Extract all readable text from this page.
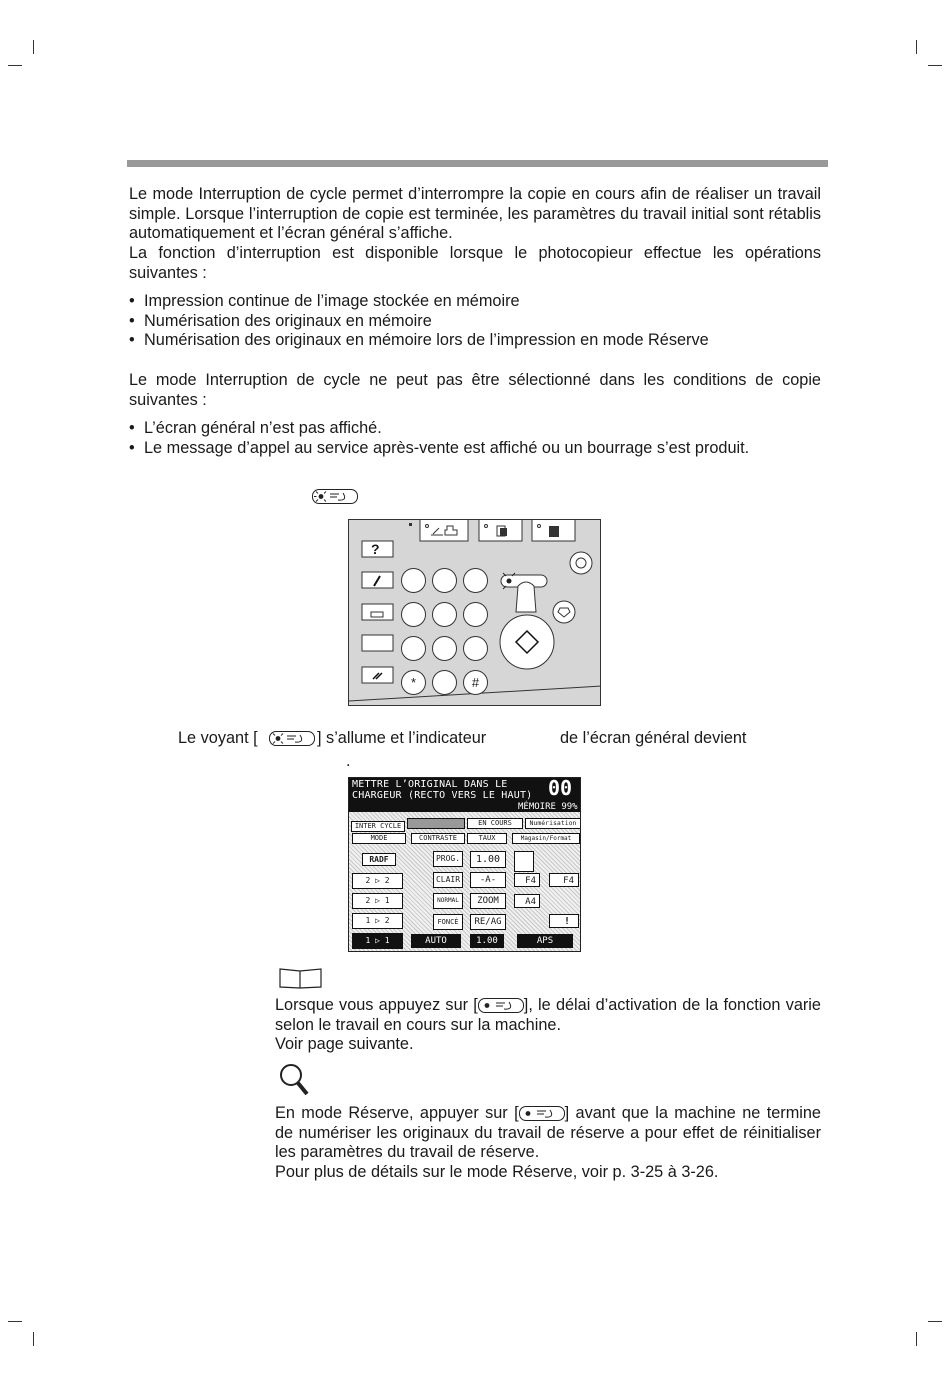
Le mode Interruption de cycle permet d’interrompre la copie en cours afin de réaliser un travail simple. Lorsque l’interruption de copie est terminée, les paramètres du travail initial sont rétablis automatiquement et l’écran général s’affiche.

La fonction d’interruption est disponible lorsque le photocopieur effectue les opérations suivantes :

• Impression continue de l’image stockée en mémoire
• Numérisation des originaux en mémoire
• Numérisation des originaux en mémoire lors de l’impression en mode Réserve

Le mode Interruption de cycle ne peut pas être sélectionné dans les conditions de copie suivantes :

• L’écran général n’est pas affiché.
• Le message d’appel au service après-vente est affiché ou un bourrage s’est produit.
?
*	#
Le voyant [	] s’allume et l’indicateur	de l’écran général devient
.
METTRE L’ORIGINAL DANS LE
CHARGEUR (RECTO VERS LE HAUT) 00
MÉMOIRE 99%
INTER CYCLE	EN COURS	Numérisation
MODE	CONTRASTE	TAUX	Magasin/Format
RADF
2 ▷ 2
2 ▷ 1
1 ▷ 2
1 ▷ 1
PROG.
CLAIR
NORMAL
FONCÉ
AUTO
1.00
-A-
ZOOM
RE/AG
1.00
F4	F4
A4
!
APS

Lorsque vous appuyez sur [	], le délai d’activation de la fonction varie selon le travail en cours sur la machine.
Voir page suivante.

En mode Réserve, appuyer sur [	] avant que la machine ne termine de numériser les originaux du travail de réserve a pour effet de réinitialiser les paramètres du travail de réserve.
Pour plus de détails sur le mode Réserve, voir p. 3-25 à 3-26.
